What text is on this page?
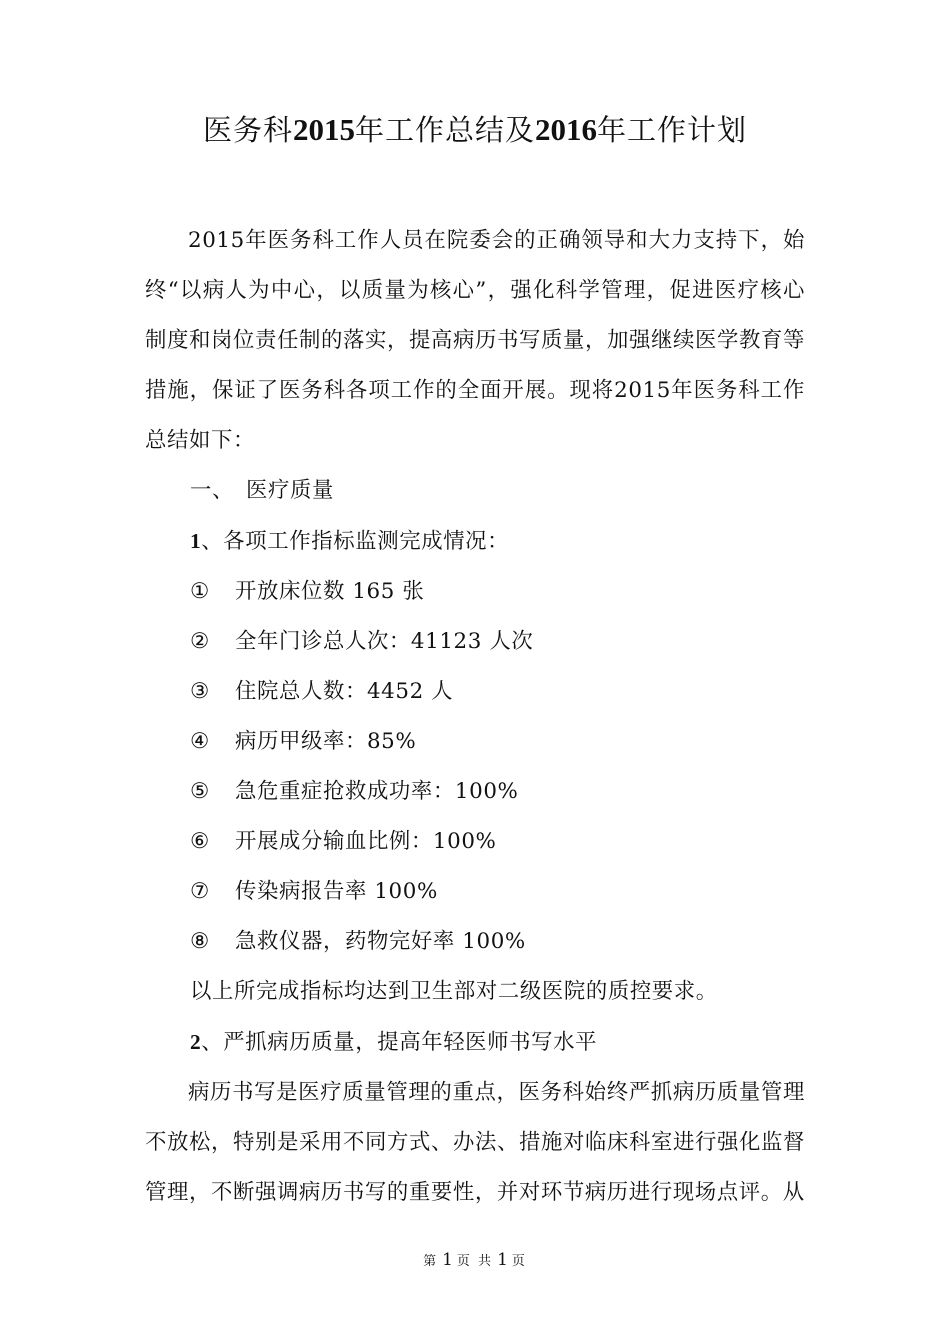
医务科2015年工作总结及2016年工作计划

2015年医务科工作人员在院委会的正确领导和大力支持下，始终“以病人为中心，以质量为核心”，强化科学管理，促进医疗核心制度和岗位责任制的落实，提高病历书写质量，加强继续医学教育等措施，保证了医务科各项工作的全面开展。现将2015年医务科工作总结如下：

一、 医疗质量

1、各项工作指标监测完成情况：

① 开放床位数 165 张

② 全年门诊总人次：41123 人次

③ 住院总人数：4452 人

④ 病历甲级率：85%

⑤ 急危重症抢救成功率：100%

⑥ 开展成分输血比例：100%

⑦ 传染病报告率 100%

⑧ 急救仪器，药物完好率 100%

以上所完成指标均达到卫生部对二级医院的质控要求。

2、严抓病历质量，提高年轻医师书写水平

病历书写是医疗质量管理的重点，医务科始终严抓病历质量管理不放松，特别是采用不同方式、办法、措施对临床科室进行强化监督管理，不断强调病历书写的重要性，并对环节病历进行现场点评。从

第 1 页 共 1 页
